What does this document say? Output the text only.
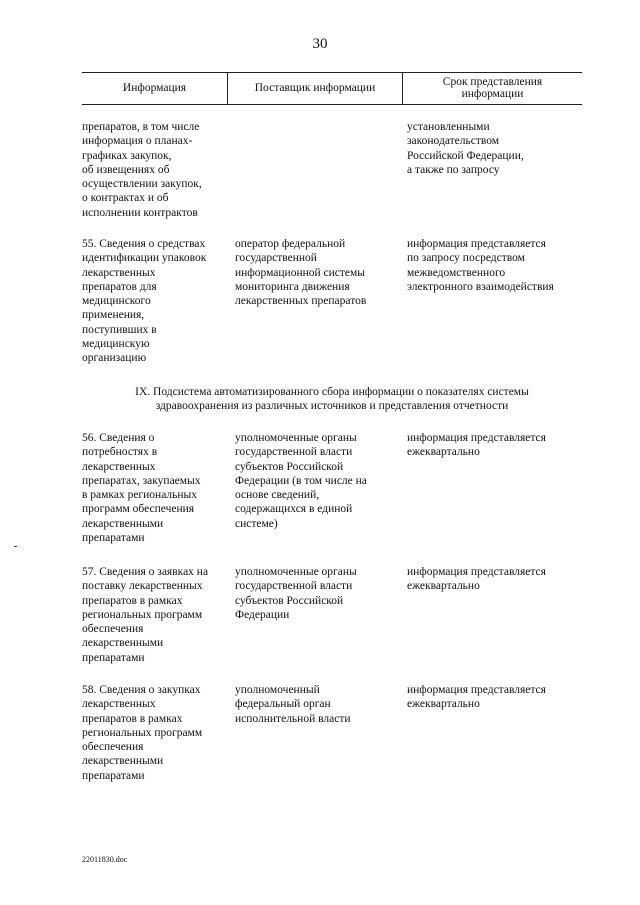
30
Информация	Поставщик информации	Срок представления информации
препаратов, в том числе
информация о планах-
графиках закупок,
об извещениях об
осуществлении закупок,
о контрактах и об
исполнении контрактов
установленными
законодательством
Российской Федерации,
а также по запросу
55. Сведения о средствах
идентификации упаковок
лекарственных
препаратов для
медицинского
применения,
поступивших в
медицинскую
организацию
оператор федеральной
государственной
информационной системы
мониторинга движения
лекарственных препаратов
информация представляется
по запросу посредством
межведомственного
электронного взаимодействия
IX. Подсистема автоматизированного сбора информации о показателях системы
здравоохранения из различных источников и представления отчетности
56. Сведения о
потребностях в
лекарственных
препаратах, закупаемых
в рамках региональных
программ обеспечения
лекарственными
препаратами
уполномоченные органы
государственной власти
субъектов Российской
Федерации (в том числе на
основе сведений,
содержащихся в единой
системе)
информация представляется
ежеквартально
57. Сведения о заявках на
поставку лекарственных
препаратов в рамках
региональных программ
обеспечения
лекарственными
препаратами
уполномоченные органы
государственной власти
субъектов Российской
Федерации
информация представляется
ежеквартально
58. Сведения о закупках
лекарственных
препаратов в рамках
региональных программ
обеспечения
лекарственными
препаратами
уполномоченный
федеральный орган
исполнительной власти
информация представляется
ежеквартально
22011830.doc
